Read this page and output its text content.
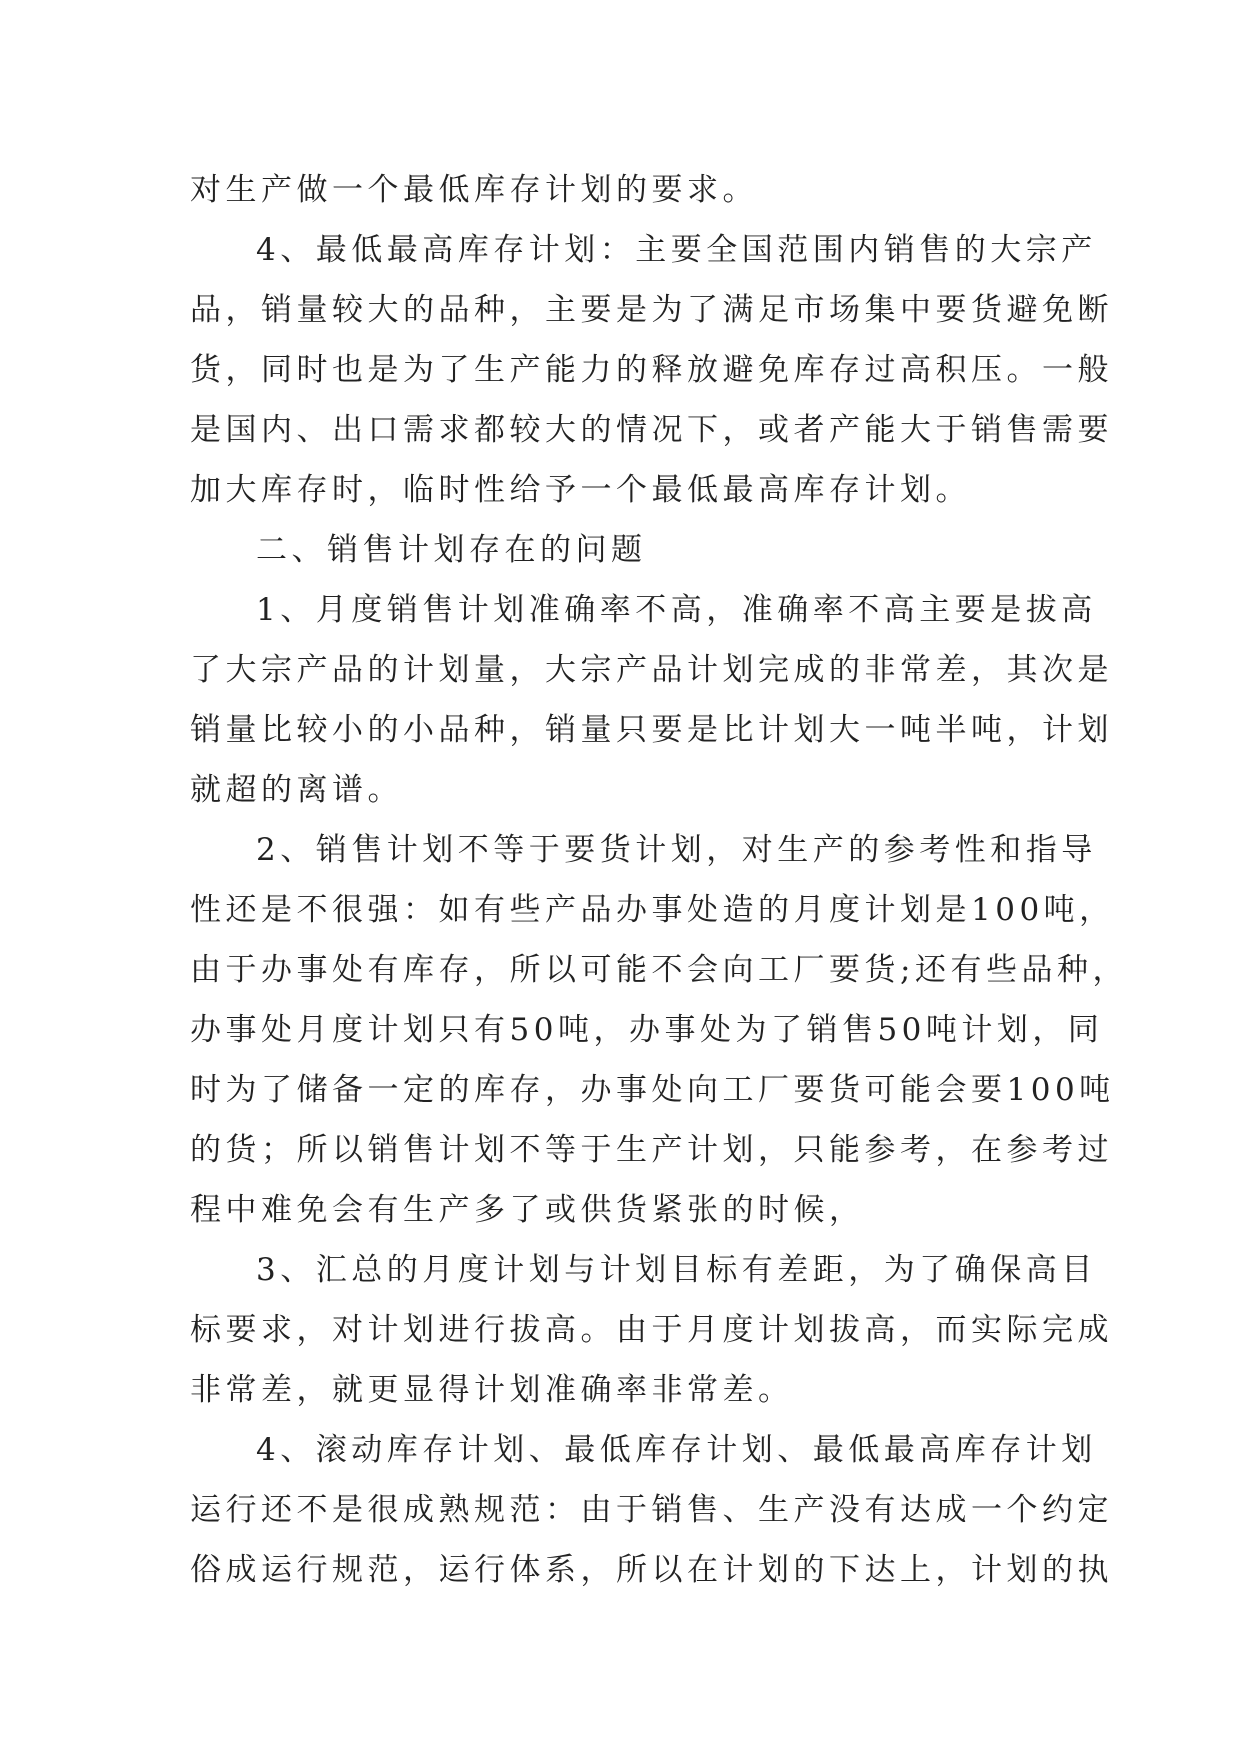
对生产做一个最低库存计划的要求。
4、最低最高库存计划：主要全国范围内销售的大宗产
品，销量较大的品种，主要是为了满足市场集中要货避免断
货，同时也是为了生产能力的释放避免库存过高积压。一般
是国内、出口需求都较大的情况下，或者产能大于销售需要
加大库存时，临时性给予一个最低最高库存计划。
二、销售计划存在的问题
1、月度销售计划准确率不高，准确率不高主要是拔高
了大宗产品的计划量，大宗产品计划完成的非常差，其次是
销量比较小的小品种，销量只要是比计划大一吨半吨，计划
就超的离谱。
2、销售计划不等于要货计划，对生产的参考性和指导
性还是不很强：如有些产品办事处造的月度计划是100吨，
由于办事处有库存，所以可能不会向工厂要货;还有些品种，
办事处月度计划只有50吨，办事处为了销售50吨计划，同
时为了储备一定的库存，办事处向工厂要货可能会要100吨
的货；所以销售计划不等于生产计划，只能参考，在参考过
程中难免会有生产多了或供货紧张的时候，
3、汇总的月度计划与计划目标有差距，为了确保高目
标要求，对计划进行拔高。由于月度计划拔高，而实际完成
非常差，就更显得计划准确率非常差。
4、滚动库存计划、最低库存计划、最低最高库存计划
运行还不是很成熟规范：由于销售、生产没有达成一个约定
俗成运行规范，运行体系，所以在计划的下达上，计划的执
